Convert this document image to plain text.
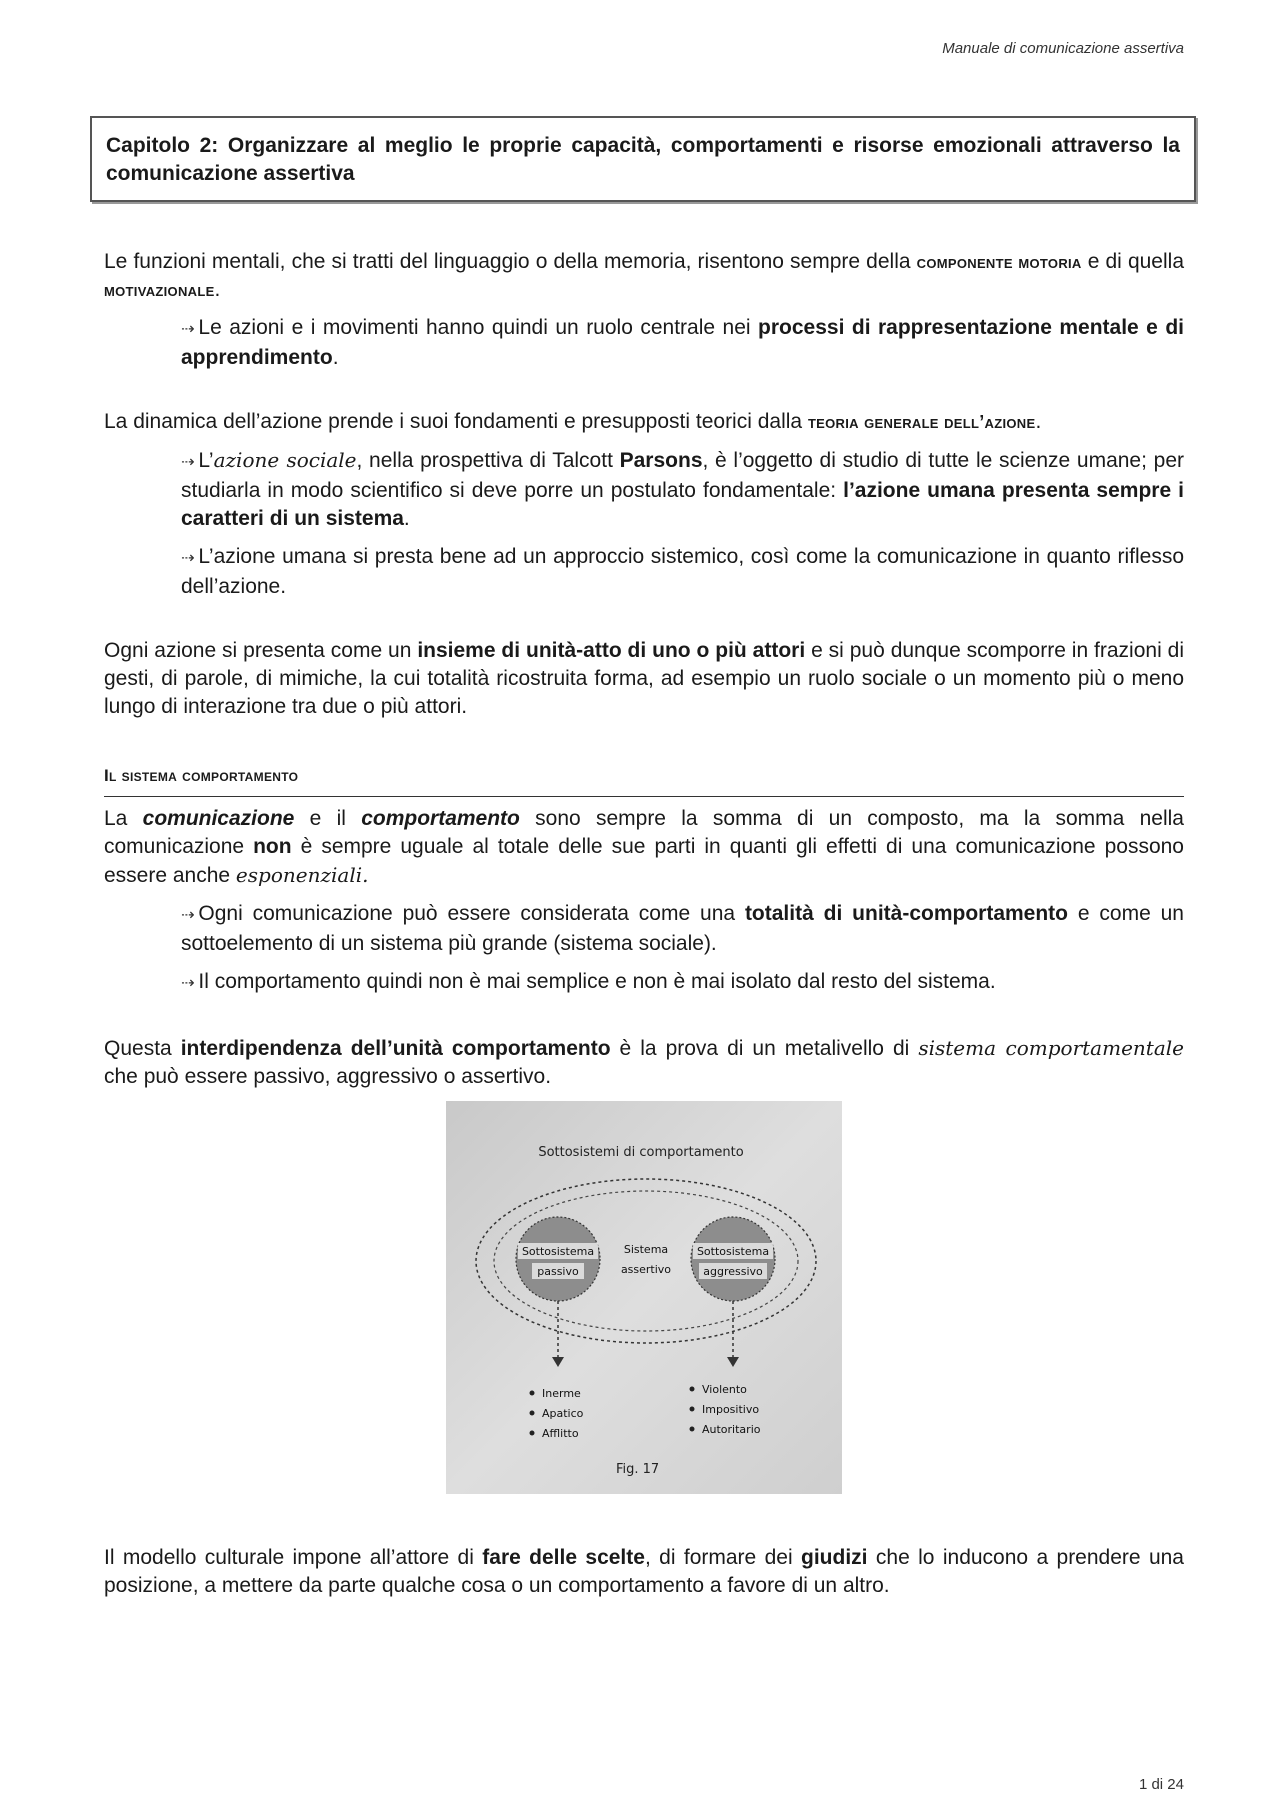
Manuale di comunicazione assertiva
Capitolo 2: Organizzare al meglio le proprie capacità, comportamenti e risorse emozionali attraverso la comunicazione assertiva

Le funzioni mentali, che si tratti del linguaggio o della memoria, risentono sempre della componente motoria e di quella motivazionale.

⇢ Le azioni e i movimenti hanno quindi un ruolo centrale nei processi di rappresentazione mentale e di apprendimento.

La dinamica dell’azione prende i suoi fondamenti e presupposti teorici dalla teoria generale dell’azione.

⇢ L’azione sociale, nella prospettiva di Talcott Parsons, è l’oggetto di studio di tutte le scienze umane; per studiarla in modo scientifico si deve porre un postulato fondamentale: l’azione umana presenta sempre i caratteri di un sistema.

⇢ L’azione umana si presta bene ad un approccio sistemico, così come la comunicazione in quanto riflesso dell’azione.

Ogni azione si presenta come un insieme di unità-atto di uno o più attori e si può dunque scomporre in frazioni di gesti, di parole, di mimiche, la cui totalità ricostruita forma, ad esempio un ruolo sociale o un momento più o meno lungo di interazione tra due o più attori.

Il sistema comportamento

La comunicazione e il comportamento sono sempre la somma di un composto, ma la somma nella comunicazione non è sempre uguale al totale delle sue parti in quanti gli effetti di una comunicazione possono essere anche esponenziali.

⇢ Ogni comunicazione può essere considerata come una totalità di unità-comportamento e come un sottoelemento di un sistema più grande (sistema sociale).

⇢ Il comportamento quindi non è mai semplice e non è mai isolato dal resto del sistema.

Questa interdipendenza dell’unità comportamento è la prova di un metalivello di sistema comportamentale che può essere passivo, aggressivo o assertivo.

Sottosistemi di comportamento
Sottosistema
passivo
Sistema
assertivo
Sottosistema
aggressivo
Inerme
Apatico
Afflitto
Violento
Impositivo
Autoritario
Fig. 17

Il modello culturale impone all’attore di fare delle scelte, di formare dei giudizi che lo inducono a prendere una posizione, a mettere da parte qualche cosa o un comportamento a favore di un altro.

1 di 24
